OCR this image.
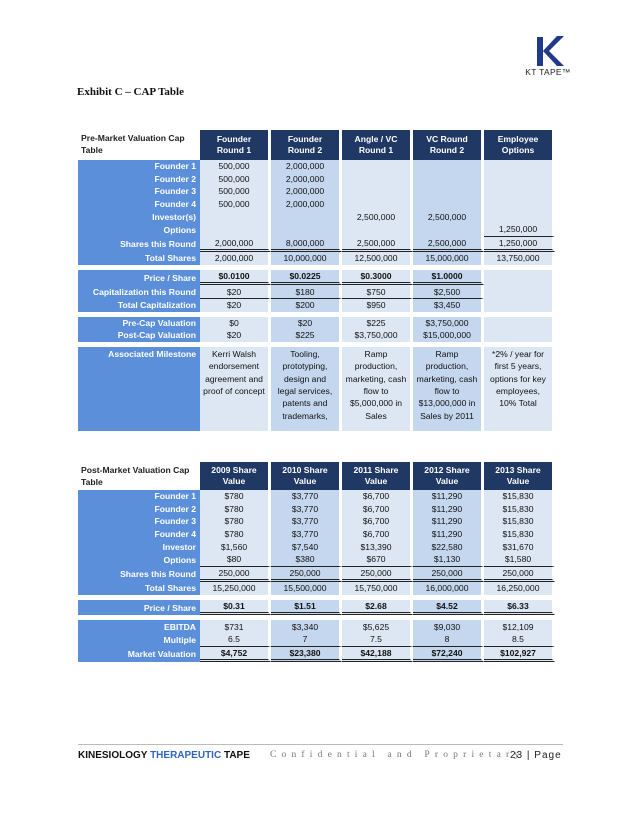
KT TAPE™
Exhibit C – CAP Table
Pre-Market Valuation Cap Table	Founder Round 1	Founder Round 2	Angle / VC Round 1	VC Round Round 2	Employee Options
Founder 1	500,000	2,000,000			
Founder 2	500,000	2,000,000			
Founder 3	500,000	2,000,000			
Founder 4	500,000	2,000,000			
Investor(s)			2,500,000	2,500,000	
Options					1,250,000
Shares this Round	2,000,000	8,000,000	2,500,000	2,500,000	1,250,000
Total Shares	2,000,000	10,000,000	12,500,000	15,000,000	13,750,000

Price / Share	$0.0100	$0.0225	$0.3000	$1.0000	
Capitalization this Round	$20	$180	$750	$2,500	
Total Capitalization	$20	$200	$950	$3,450	

Pre-Cap Valuation	$0	$20	$225	$3,750,000	
Post-Cap Valuation	$20	$225	$3,750,000	$15,000,000	

Associated Milestone	Kerri Walsh endorsement agreement and proof of concept	Tooling, prototyping, design and legal services, patents and trademarks,	Ramp production, marketing, cash flow to $5,000,000 in Sales	Ramp production, marketing, cash flow to $13,000,000 in Sales by 2011	*2% / year for first 5 years, options for key employees, 10% Total
Post-Market Valuation Cap Table	2009 Share Value	2010 Share Value	2011 Share Value	2012 Share Value	2013 Share Value
Founder 1	$780	$3,770	$6,700	$11,290	$15,830
Founder 2	$780	$3,770	$6,700	$11,290	$15,830
Founder 3	$780	$3,770	$6,700	$11,290	$15,830
Founder 4	$780	$3,770	$6,700	$11,290	$15,830
Investor	$1,560	$7,540	$13,390	$22,580	$31,670
Options	$80	$380	$670	$1,130	$1,580
Shares this Round	250,000	250,000	250,000	250,000	250,000
Total Shares	15,250,000	15,500,000	15,750,000	16,000,000	16,250,000

Price / Share	$0.31	$1.51	$2.68	$4.52	$6.33

EBITDA	$731	$3,340	$5,625	$9,030	$12,109
Multiple	6.5	7	7.5	8	8.5
Market Valuation	$4,752	$23,380	$42,188	$72,240	$102,927
KINESIOLOGY THERAPEUTIC TAPE Confidential and Proprietary
23 | Page
